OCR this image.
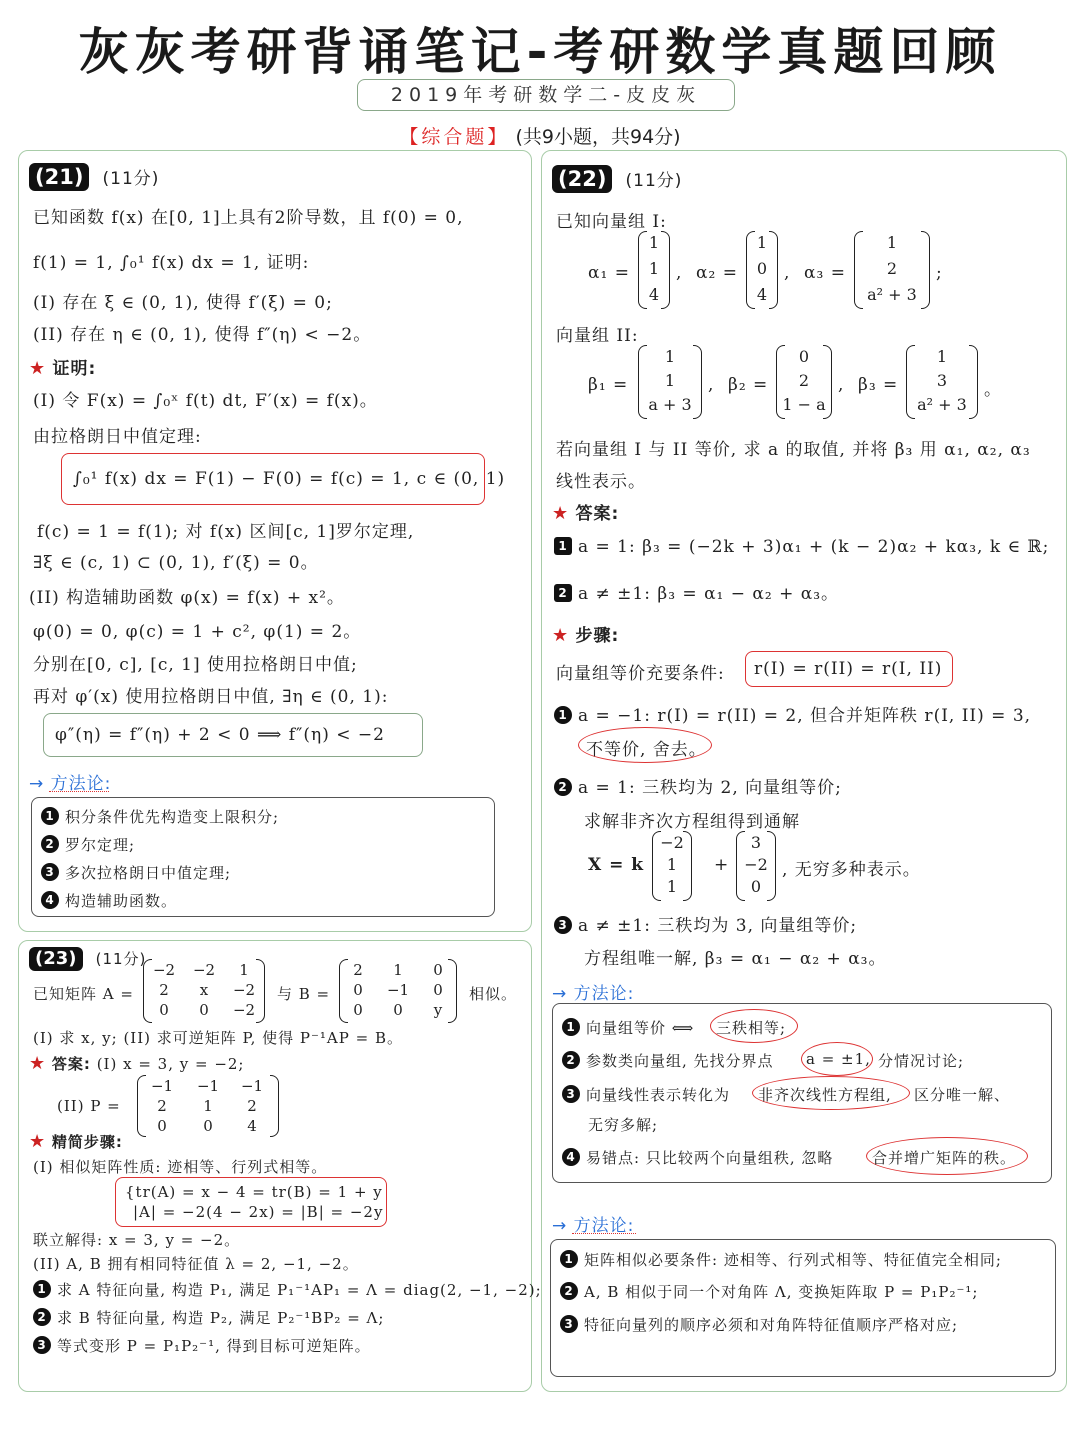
灰灰考研背诵笔记-考研数学真题回顾
2019年考研数学二-皮皮灰
【综合题】 (共9小题，共94分)
(21) (11分)
已知函数 f(x) 在[0, 1]上具有2阶导数，且 f(0) = 0,
f(1) = 1, ∫₀¹ f(x) dx = 1, 证明:
(I) 存在 ξ ∈ (0, 1), 使得 f′(ξ) = 0;
(II) 存在 η ∈ (0, 1), 使得 f″(η) < −2。
★ 证明:
(I) 令 F(x) = ∫₀ˣ f(t) dt, F′(x) = f(x)。
由拉格朗日中值定理:
∫₀¹ f(x) dx = F(1) − F(0) = f(c) = 1, c ∈ (0, 1)
f(c) = 1 = f(1); 对 f(x) 区间[c, 1]罗尔定理,
∃ξ ∈ (c, 1) ⊂ (0, 1), f′(ξ) = 0。
(II) 构造辅助函数 φ(x) = f(x) + x²。
φ(0) = 0, φ(c) = 1 + c², φ(1) = 2。
分别在[0, c], [c, 1] 使用拉格朗日中值;
再对 φ′(x) 使用拉格朗日中值, ∃η ∈ (0, 1):
φ″(η) = f″(η) + 2 < 0 ⟹ f″(η) < −2
→ 方法论:
1 积分条件优先构造变上限积分;
2 罗尔定理;
3 多次拉格朗日中值定理;
4 构造辅助函数。
(22) (11分)
已知向量组 I:
α₁ =
1
1
4
, α₂ =
1
0
4
, α₃ =
1
2
a² + 3
;
向量组 II:
β₁ =
1
1
a + 3
, β₂ =
0
2
1 − a
, β₃ =
1
3
a² + 3
。
若向量组 I 与 II 等价, 求 a 的取值, 并将 β₃ 用 α₁, α₂, α₃
线性表示。
★ 答案:
1 a = 1: β₃ = (−2k + 3)α₁ + (k − 2)α₂ + kα₃, k ∈ ℝ;
2 a ≠ ±1: β₃ = α₁ − α₂ + α₃。
★ 步骤:
向量组等价充要条件: r(I) = r(II) = r(I, II)
1 a = −1: r(I) = r(II) = 2, 但合并矩阵秩 r(I, II) = 3,
不等价, 舍去。
2 a = 1: 三秩均为 2, 向量组等价;
求解非齐次方程组得到通解
X = k
−2
1
1
+
3
−2
0
, 无穷多种表示。
3 a ≠ ±1: 三秩均为 3, 向量组等价;
方程组唯一解, β₃ = α₁ − α₂ + α₃。
→ 方法论:
1 向量组等价 ⟺ 三秩相等;
2 参数类向量组, 先找分界点 a = ±1, 分情况讨论;
3 向量线性表示转化为 非齐次线性方程组, 区分唯一解、
无穷多解;
4 易错点: 只比较两个向量组秩, 忽略	合并增广矩阵的秩。
→ 方法论:
1 矩阵相似必要条件: 迹相等、行列式相等、特征值完全相同;
2 A, B 相似于同一个对角阵 Λ, 变换矩阵取 P = P₁P₂⁻¹;
3 特征向量列的顺序必须和对角阵特征值顺序严格对应;
(23) (11分)
已知矩阵 A =
−2 −2	1
2	x	−2
0	0	−2
与 B =
2	1	0
0	−1	0
0	0	y
相似。
(I) 求 x, y; (II) 求可逆矩阵 P, 使得 P⁻¹AP = B。
★ 答案: (I) x = 3, y = −2;
(II) P =
−1 −1 −1
2	1	2
0	0	4
★ 精简步骤:
(I) 相似矩阵性质: 迹相等、行列式相等。
{tr(A) = x − 4 = tr(B) = 1 + y
|A| = −2(4 − 2x) = |B| = −2y
联立解得: x = 3, y = −2。
(II) A, B 拥有相同特征值 λ = 2, −1, −2。
1 求 A 特征向量, 构造 P₁, 满足 P₁⁻¹AP₁ = Λ = diag(2, −1, −2);
2 求 B 特征向量, 构造 P₂, 满足 P₂⁻¹BP₂ = Λ;
3 等式变形 P = P₁P₂⁻¹, 得到目标可逆矩阵。
